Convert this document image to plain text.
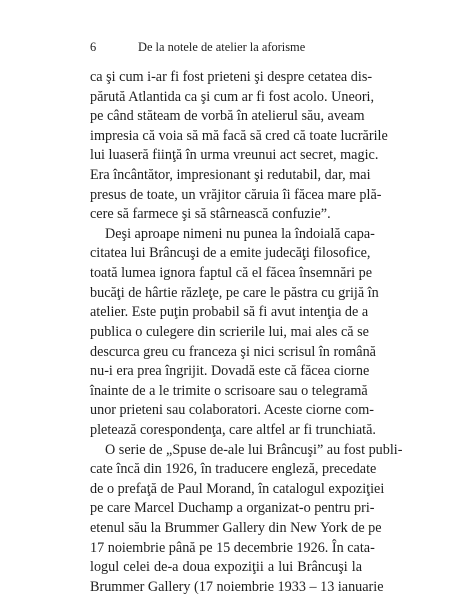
6	De la notele de atelier la aforisme
ca şi cum i-ar fi fost prieteni şi despre cetatea dis-
părută Atlantida ca şi cum ar fi fost acolo. Uneori,
pe când stăteam de vorbă în atelierul său, aveam
impresia că voia să mă facă să cred că toate lucrările
lui luaseră fiinţă în urma vreunui act secret, magic.
Era încântător, impresionant şi redutabil, dar, mai
presus de toate, un vrăjitor căruia îi făcea mare plă-
cere să farmece şi să stârnească confuzie”.
Deşi aproape nimeni nu punea la îndoială capa-
citatea lui Brâncuşi de a emite judecăţi filosofice,
toată lumea ignora faptul că el făcea însemnări pe
bucăţi de hârtie răzleţe, pe care le păstra cu grijă în
atelier. Este puţin probabil să fi avut intenţia de a
publica o culegere din scrierile lui, mai ales că se
descurca greu cu franceza şi nici scrisul în română
nu-i era prea îngrijit. Dovadă este că făcea ciorne
înainte de a le trimite o scrisoare sau o telegramă
unor prieteni sau colaboratori. Aceste ciorne com-
pletează corespondenţa, care altfel ar fi trunchiată.
O serie de „Spuse de-ale lui Brâncuşi” au fost publi-
cate încă din 1926, în traducere engleză, precedate
de o prefaţă de Paul Morand, în catalogul expoziţiei
pe care Marcel Duchamp a organizat-o pentru pri-
etenul său la Brummer Gallery din New York de pe
17 noiembrie până pe 15 decembrie 1926. În cata-
logul celei de-a doua expoziţii a lui Brâncuşi la
Brummer Gallery (17 noiembrie 1933 – 13 ianuarie
